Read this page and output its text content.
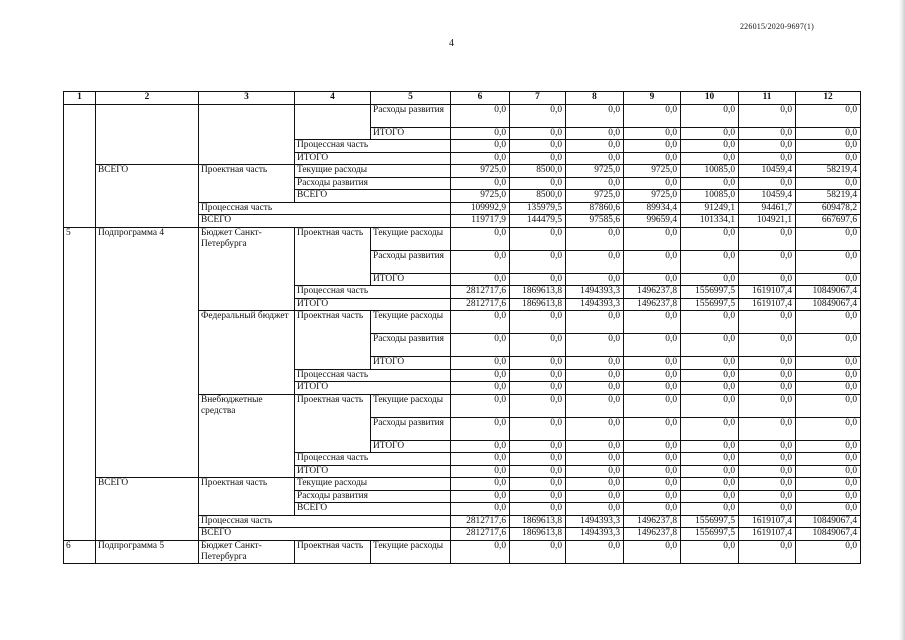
226015/2020-9697(1)
4
1	2	3	4	5	6	7	8	9	10	11	12
				Расходы развития	0,0	0,0	0,0	0,0	0,0	0,0	0,0
				ИТОГО	0,0	0,0	0,0	0,0	0,0	0,0	0,0
			Процессная часть		0,0	0,0	0,0	0,0	0,0	0,0	0,0
			ИТОГО		0,0	0,0	0,0	0,0	0,0	0,0	0,0
	ВСЕГО	Проектная часть	Текущие расходы		9725,0	8500,0	9725,0	9725,0	10085,0	10459,4	58219,4
			Расходы развития		0,0	0,0	0,0	0,0	0,0	0,0	0,0
			ВСЕГО		9725,0	8500,0	9725,0	9725,0	10085,0	10459,4	58219,4
		Процессная часть			109992,9	135979,5	87860,6	89934,4	91249,1	94461,7	609478,2
		ВСЕГО			119717,9	144479,5	97585,6	99659,4	101334,1	104921,1	667697,6
5	Подпрограмма 4	Бюджет Санкт-Петербурга	Проектная часть	Текущие расходы	0,0	0,0	0,0	0,0	0,0	0,0	0,0
				Расходы развития	0,0	0,0	0,0	0,0	0,0	0,0	0,0
				ИТОГО	0,0	0,0	0,0	0,0	0,0	0,0	0,0
			Процессная часть		2812717,6	1869613,8	1494393,3	1496237,8	1556997,5	1619107,4	10849067,4
			ИТОГО		2812717,6	1869613,8	1494393,3	1496237,8	1556997,5	1619107,4	10849067,4
		Федеральный бюджет	Проектная часть	Текущие расходы	0,0	0,0	0,0	0,0	0,0	0,0	0,0
				Расходы развития	0,0	0,0	0,0	0,0	0,0	0,0	0,0
				ИТОГО	0,0	0,0	0,0	0,0	0,0	0,0	0,0
			Процессная часть		0,0	0,0	0,0	0,0	0,0	0,0	0,0
			ИТОГО		0,0	0,0	0,0	0,0	0,0	0,0	0,0
		Внебюджетные средства	Проектная часть	Текущие расходы	0,0	0,0	0,0	0,0	0,0	0,0	0,0
				Расходы развития	0,0	0,0	0,0	0,0	0,0	0,0	0,0
				ИТОГО	0,0	0,0	0,0	0,0	0,0	0,0	0,0
			Процессная часть		0,0	0,0	0,0	0,0	0,0	0,0	0,0
			ИТОГО		0,0	0,0	0,0	0,0	0,0	0,0	0,0
	ВСЕГО	Проектная часть	Текущие расходы		0,0	0,0	0,0	0,0	0,0	0,0	0,0
			Расходы развития		0,0	0,0	0,0	0,0	0,0	0,0	0,0
			ВСЕГО		0,0	0,0	0,0	0,0	0,0	0,0	0,0
		Процессная часть			2812717,6	1869613,8	1494393,3	1496237,8	1556997,5	1619107,4	10849067,4
		ВСЕГО			2812717,6	1869613,8	1494393,3	1496237,8	1556997,5	1619107,4	10849067,4
6	Подпрограмма 5	Бюджет Санкт-Петербурга	Проектная часть	Текущие расходы	0,0	0,0	0,0	0,0	0,0	0,0	0,0
